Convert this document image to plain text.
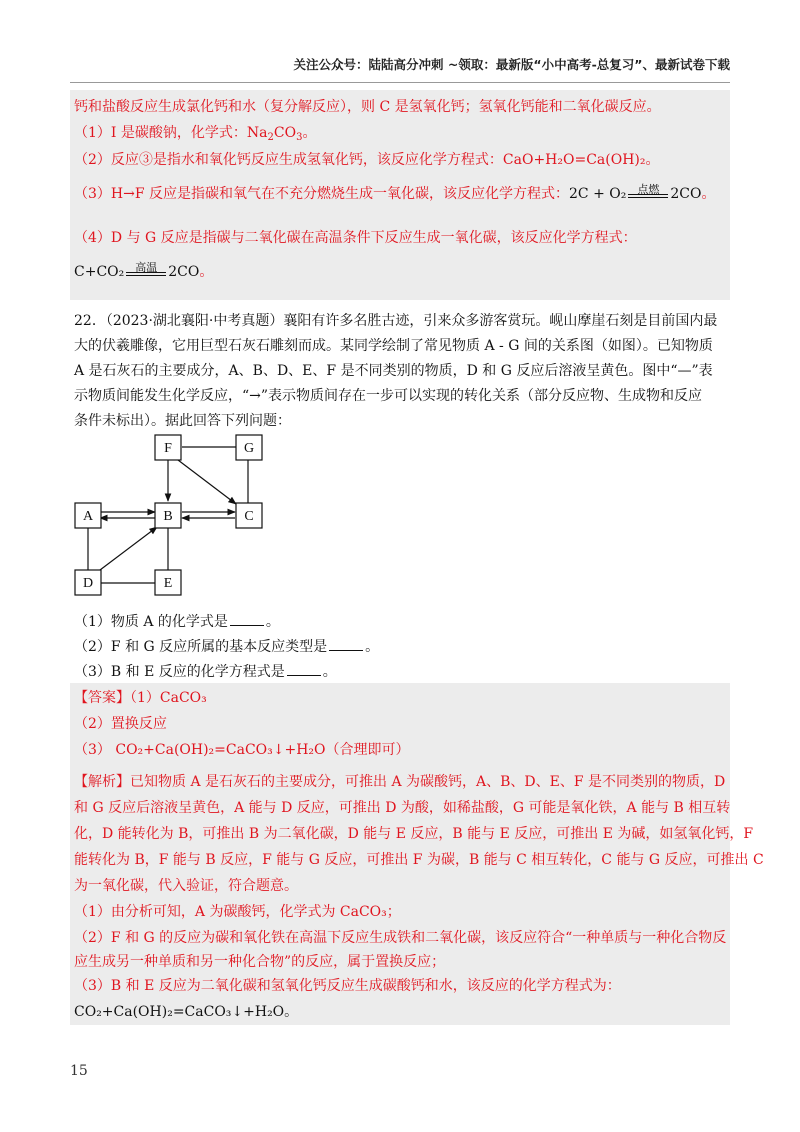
关注公众号：陆陆高分冲刺 ~领取：最新版“小中高考-总复习”、最新试卷下载
钙和盐酸反应生成氯化钙和水（复分解反应），则 C 是氢氧化钙；氢氧化钙能和二氧化碳反应。
（1）I 是碳酸钠，化学式：$Na_2CO_3$。
（2）反应③是指水和氧化钙反应生成氢氧化钙，该反应化学方程式：CaO+H₂O=Ca(OH)₂。
（3）H→F 反应是指碳和氧气在不充分燃烧生成一氧化碳，该反应化学方程式：2C + O₂	点燃 2CO。
（4）D 与 G 反应是指碳与二氧化碳在高温条件下反应生成一氧化碳，该反应化学方程式：
C+CO₂	高温 2CO。
22．（2023·湖北襄阳·中考真题）襄阳有许多名胜古迹，引来众多游客赏玩。岘山摩崖石刻是目前国内最
大的伏羲雕像，它用巨型石灰石雕刻而成。某同学绘制了常见物质 A - G 间的关系图（如图）。已知物质
A 是石灰石的主要成分，A、B、D、E、F 是不同类别的物质，D 和 G 反应后溶液呈黄色。图中“—”表
示物质间能发生化学反应，“→”表示物质间存在一步可以实现的转化关系（部分反应物、生成物和反应
条件未标出）。据此回答下列问题：
F	G
A	B	C
D	E
（1）物质 A 的化学式是	。
（2）F 和 G 反应所属的基本反应类型是	。
（3）B 和 E 反应的化学方程式是	。
【答案】（1）CaCO₃
（2）置换反应
（3） CO₂+Ca(OH)₂=CaCO₃↓+H₂O（合理即可）
【解析】已知物质 A 是石灰石的主要成分，可推出 A 为碳酸钙，A、B、D、E、F 是不同类别的物质，D
和 G 反应后溶液呈黄色，A 能与 D 反应，可推出 D 为酸，如稀盐酸，G 可能是氧化铁，A 能与 B 相互转
化，D 能转化为 B，可推出 B 为二氧化碳，D 能与 E 反应，B 能与 E 反应，可推出 E 为碱，如氢氧化钙，F
能转化为 B，F 能与 B 反应，F 能与 G 反应，可推出 F 为碳，B 能与 C 相互转化，C 能与 G 反应，可推出 C
为一氧化碳，代入验证，符合题意。
（1）由分析可知，A 为碳酸钙，化学式为 CaCO₃；
（2）F 和 G 的反应为碳和氧化铁在高温下反应生成铁和二氧化碳，该反应符合“一种单质与一种化合物反
应生成另一种单质和另一种化合物”的反应，属于置换反应；
（3）B 和 E 反应为二氧化碳和氢氧化钙反应生成碳酸钙和水，该反应的化学方程式为：
CO₂+Ca(OH)₂=CaCO₃↓+H₂O。
15
